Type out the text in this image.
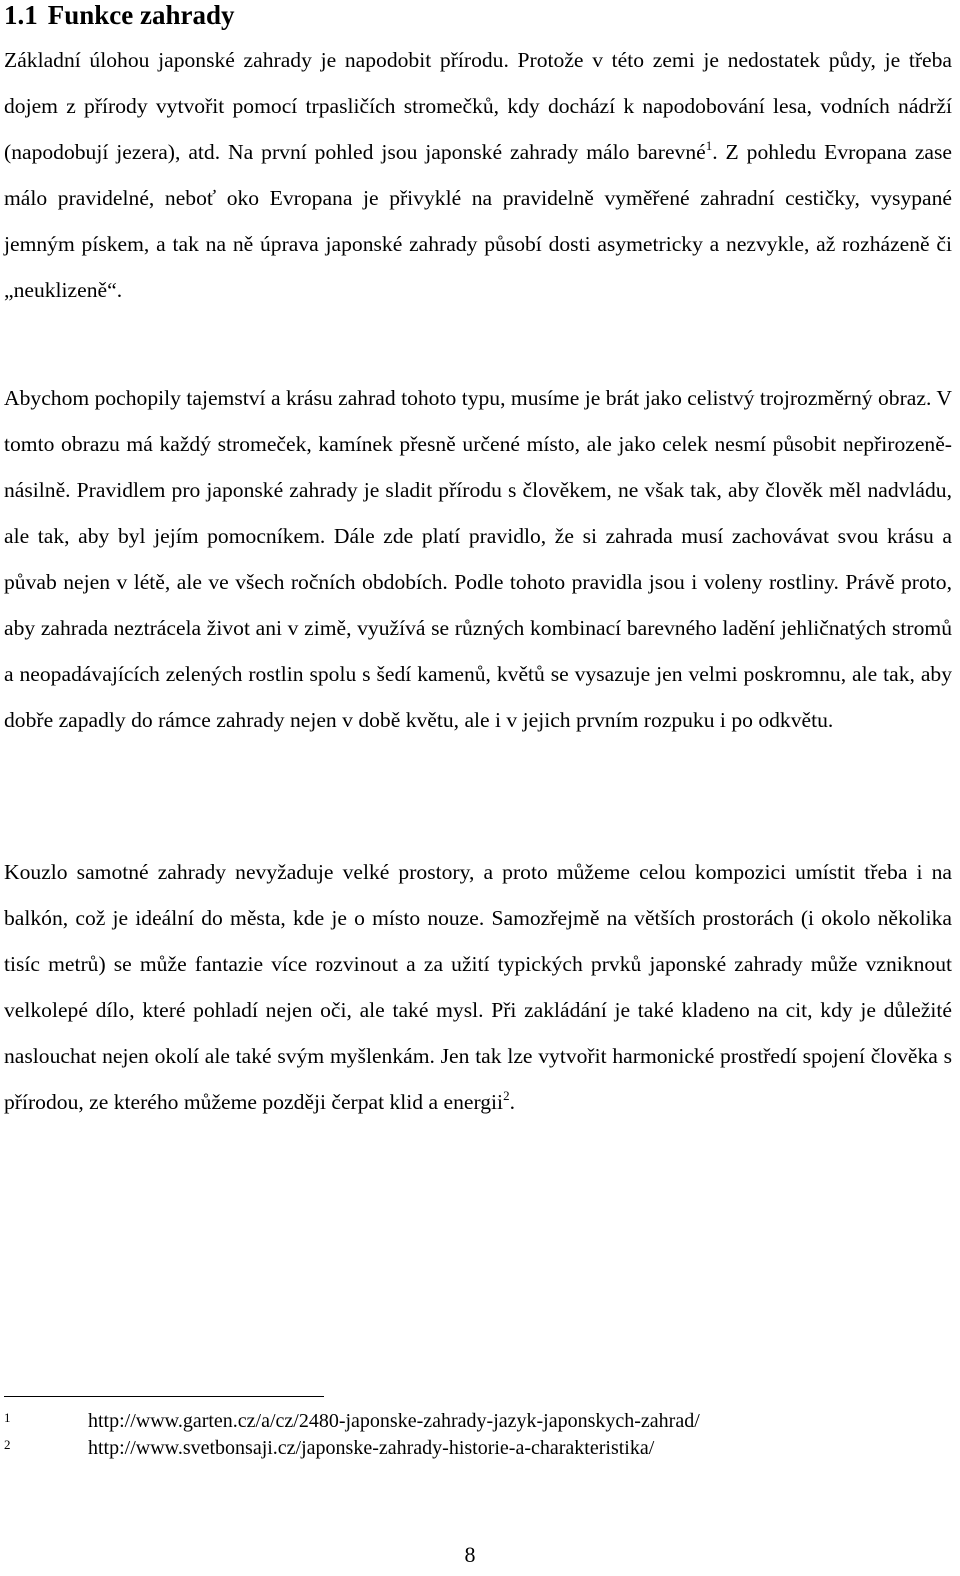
1.1 Funkce zahrady

Základní úlohou japonské zahrady je napodobit přírodu. Protože v této zemi je nedostatek půdy, je třeba dojem z přírody vytvořit pomocí trpasličích stromečků, kdy dochází k napodobování lesa, vodních nádrží (napodobují jezera), atd. Na první pohled jsou japonské zahrady málo barevné$^1$. Z pohledu Evropana zase málo pravidelné, neboť oko Evropana je přivyklé na pravidelně vyměřené zahradní cestičky, vysypané jemným pískem, a tak na ně úprava japonské zahrady působí dosti asymetricky a nezvykle, až rozházeně či „neuklizeně“.

Abychom pochopily tajemství a krásu zahrad tohoto typu, musíme je brát jako celistvý trojrozměrný obraz. V tomto obrazu má každý stromeček, kamínek přesně určené místo, ale jako celek nesmí působit nepřirozeně-násilně. Pravidlem pro japonské zahrady je sladit přírodu s člověkem, ne však tak, aby člověk měl nadvládu, ale tak, aby byl jejím pomocníkem. Dále zde platí pravidlo, že si zahrada musí zachovávat svou krásu a půvab nejen v létě, ale ve všech ročních obdobích. Podle tohoto pravidla jsou i voleny rostliny. Právě proto, aby zahrada neztrácela život ani v zimě, využívá se různých kombinací barevného ladění jehličnatých stromů a neopadávajících zelených rostlin spolu s šedí kamenů, květů se vysazuje jen velmi poskromnu, ale tak, aby dobře zapadly do rámce zahrady nejen v době květu, ale i v jejich prvním rozpuku i po odkvětu.

Kouzlo samotné zahrady nevyžaduje velké prostory, a proto můžeme celou kompozici umístit třeba i na balkón, což je ideální do města, kde je o místo nouze. Samozřejmě na větších prostorách (i okolo několika tisíc metrů) se může fantazie více rozvinout a za užití typických prvků japonské zahrady může vzniknout velkolepé dílo, které pohladí nejen oči, ale také mysl. Při zakládání je také kladeno na cit, kdy je důležité naslouchat nejen okolí ale také svým myšlenkám. Jen tak lze vytvořit harmonické prostředí spojení člověka s přírodou, ze kterého můžeme později čerpat klid a energii$^2$.

1	http://www.garten.cz/a/cz/2480-japonske-zahrady-jazyk-japonskych-zahrad/
2	http://www.svetbonsaji.cz/japonske-zahrady-historie-a-charakteristika/
8
